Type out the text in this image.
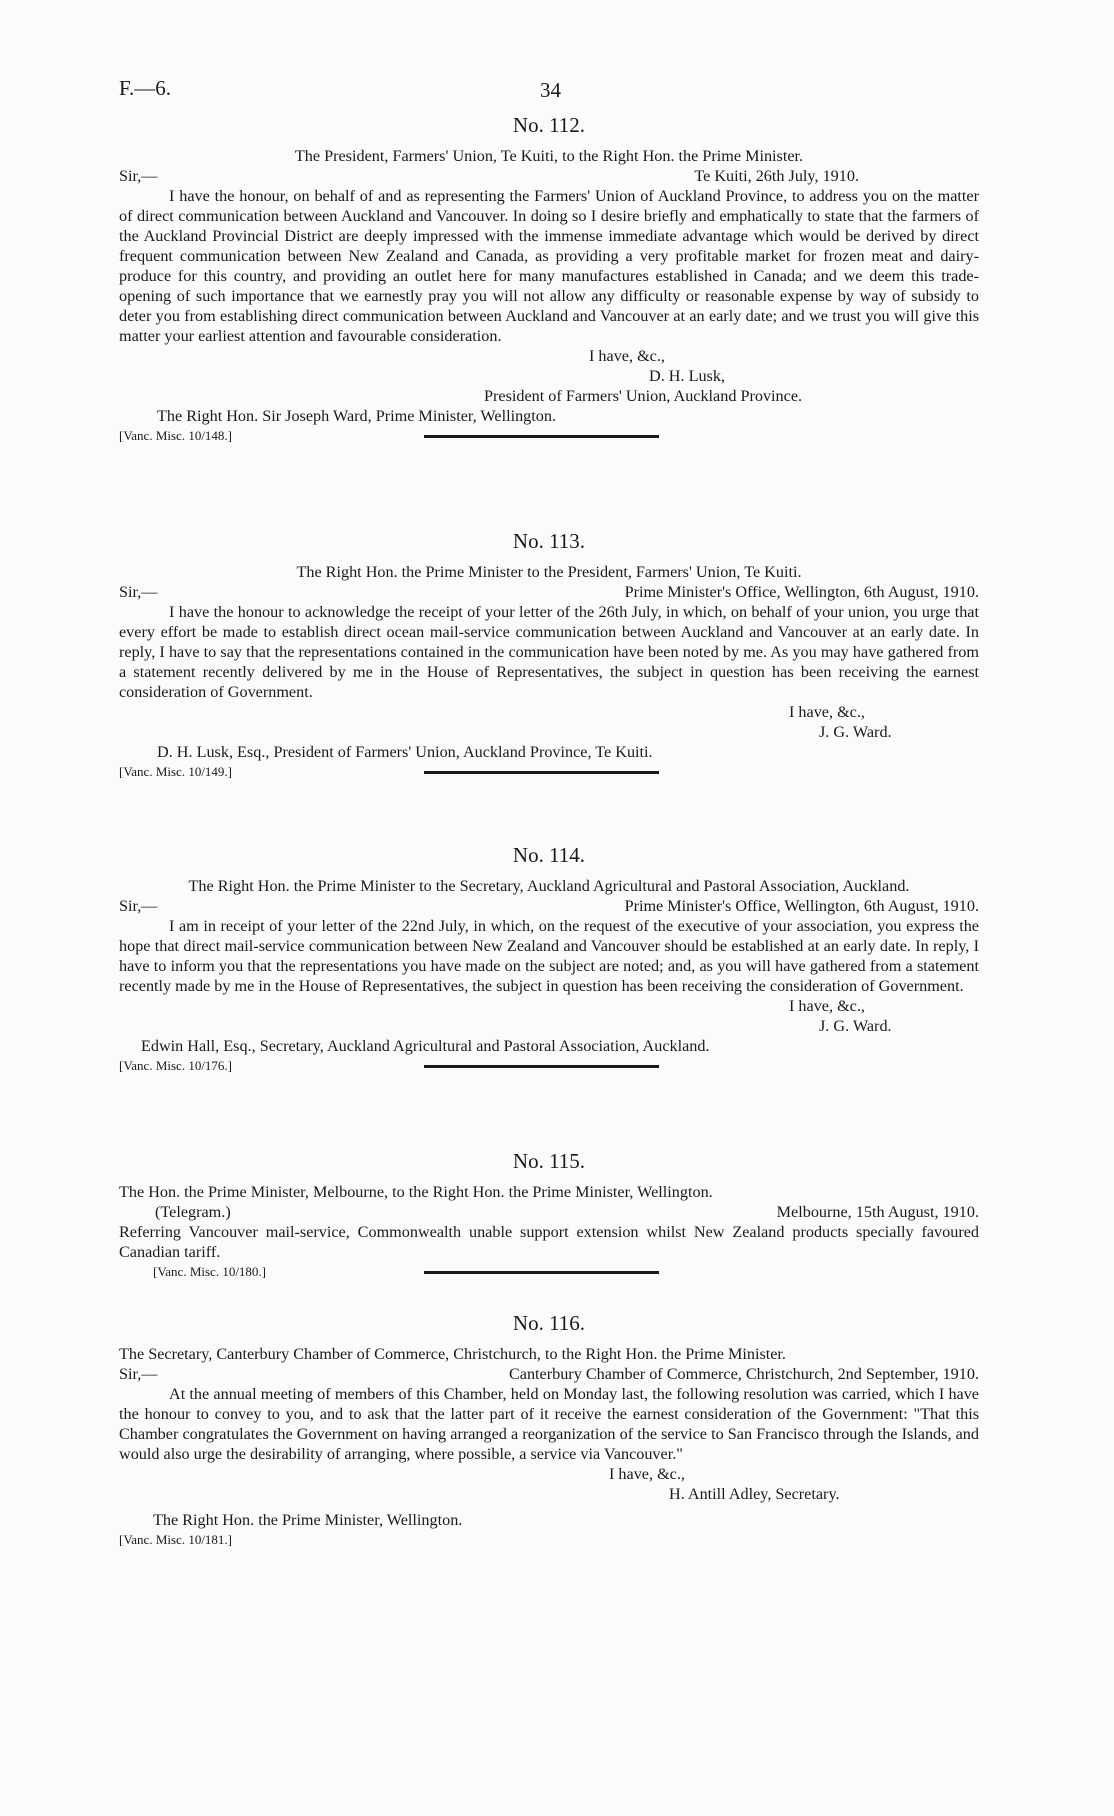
F.—6.	34
No. 112.
The President, Farmers' Union, Te Kuiti, to the Right Hon. the Prime Minister.
Sir,—	Te Kuiti, 26th July, 1910.
I have the honour, on behalf of and as representing the Farmers' Union of Auckland Province, to address you on the matter of direct communication between Auckland and Vancouver. In doing so I desire briefly and emphatically to state that the farmers of the Auckland Provincial District are deeply impressed with the immense immediate advantage which would be derived by direct frequent communication between New Zealand and Canada, as providing a very profitable market for frozen meat and dairy-produce for this country, and providing an outlet here for many manufactures established in Canada; and we deem this trade-opening of such importance that we earnestly pray you will not allow any difficulty or reasonable expense by way of subsidy to deter you from establishing direct communication between Auckland and Vancouver at an early date; and we trust you will give this matter your earliest attention and favourable consideration.
I have, &c.,
D. H. Lusk,
President of Farmers' Union, Auckland Province.
The Right Hon. Sir Joseph Ward, Prime Minister, Wellington.
[Vanc. Misc. 10/148.]
No. 113.
The Right Hon. the Prime Minister to the President, Farmers' Union, Te Kuiti.
Sir,—	Prime Minister's Office, Wellington, 6th August, 1910.
I have the honour to acknowledge the receipt of your letter of the 26th July, in which, on behalf of your union, you urge that every effort be made to establish direct ocean mail-service communication between Auckland and Vancouver at an early date. In reply, I have to say that the representations contained in the communication have been noted by me. As you may have gathered from a statement recently delivered by me in the House of Representatives, the subject in question has been receiving the earnest consideration of Government.
I have, &c.,
J. G. Ward.
D. H. Lusk, Esq., President of Farmers' Union, Auckland Province, Te Kuiti.
[Vanc. Misc. 10/149.]
No. 114.
The Right Hon. the Prime Minister to the Secretary, Auckland Agricultural and Pastoral Association, Auckland.
Sir,—	Prime Minister's Office, Wellington, 6th August, 1910.
I am in receipt of your letter of the 22nd July, in which, on the request of the executive of your association, you express the hope that direct mail-service communication between New Zealand and Vancouver should be established at an early date. In reply, I have to inform you that the representations you have made on the subject are noted; and, as you will have gathered from a statement recently made by me in the House of Representatives, the subject in question has been receiving the consideration of Government.
I have, &c.,
J. G. Ward.
Edwin Hall, Esq., Secretary, Auckland Agricultural and Pastoral Association, Auckland.
[Vanc. Misc. 10/176.]
No. 115.
The Hon. the Prime Minister, Melbourne, to the Right Hon. the Prime Minister, Wellington.
(Telegram.)	Melbourne, 15th August, 1910.
Referring Vancouver mail-service, Commonwealth unable support extension whilst New Zealand products specially favoured Canadian tariff.
[Vanc. Misc. 10/180.]
No. 116.
The Secretary, Canterbury Chamber of Commerce, Christchurch, to the Right Hon. the Prime Minister.
Sir,—	Canterbury Chamber of Commerce, Christchurch, 2nd September, 1910.
At the annual meeting of members of this Chamber, held on Monday last, the following resolution was carried, which I have the honour to convey to you, and to ask that the latter part of it receive the earnest consideration of the Government: "That this Chamber congratulates the Government on having arranged a reorganization of the service to San Francisco through the Islands, and would also urge the desirability of arranging, where possible, a service via Vancouver."
I have, &c.,
H. Antill Adley, Secretary.
The Right Hon. the Prime Minister, Wellington.
[Vanc. Misc. 10/181.]
